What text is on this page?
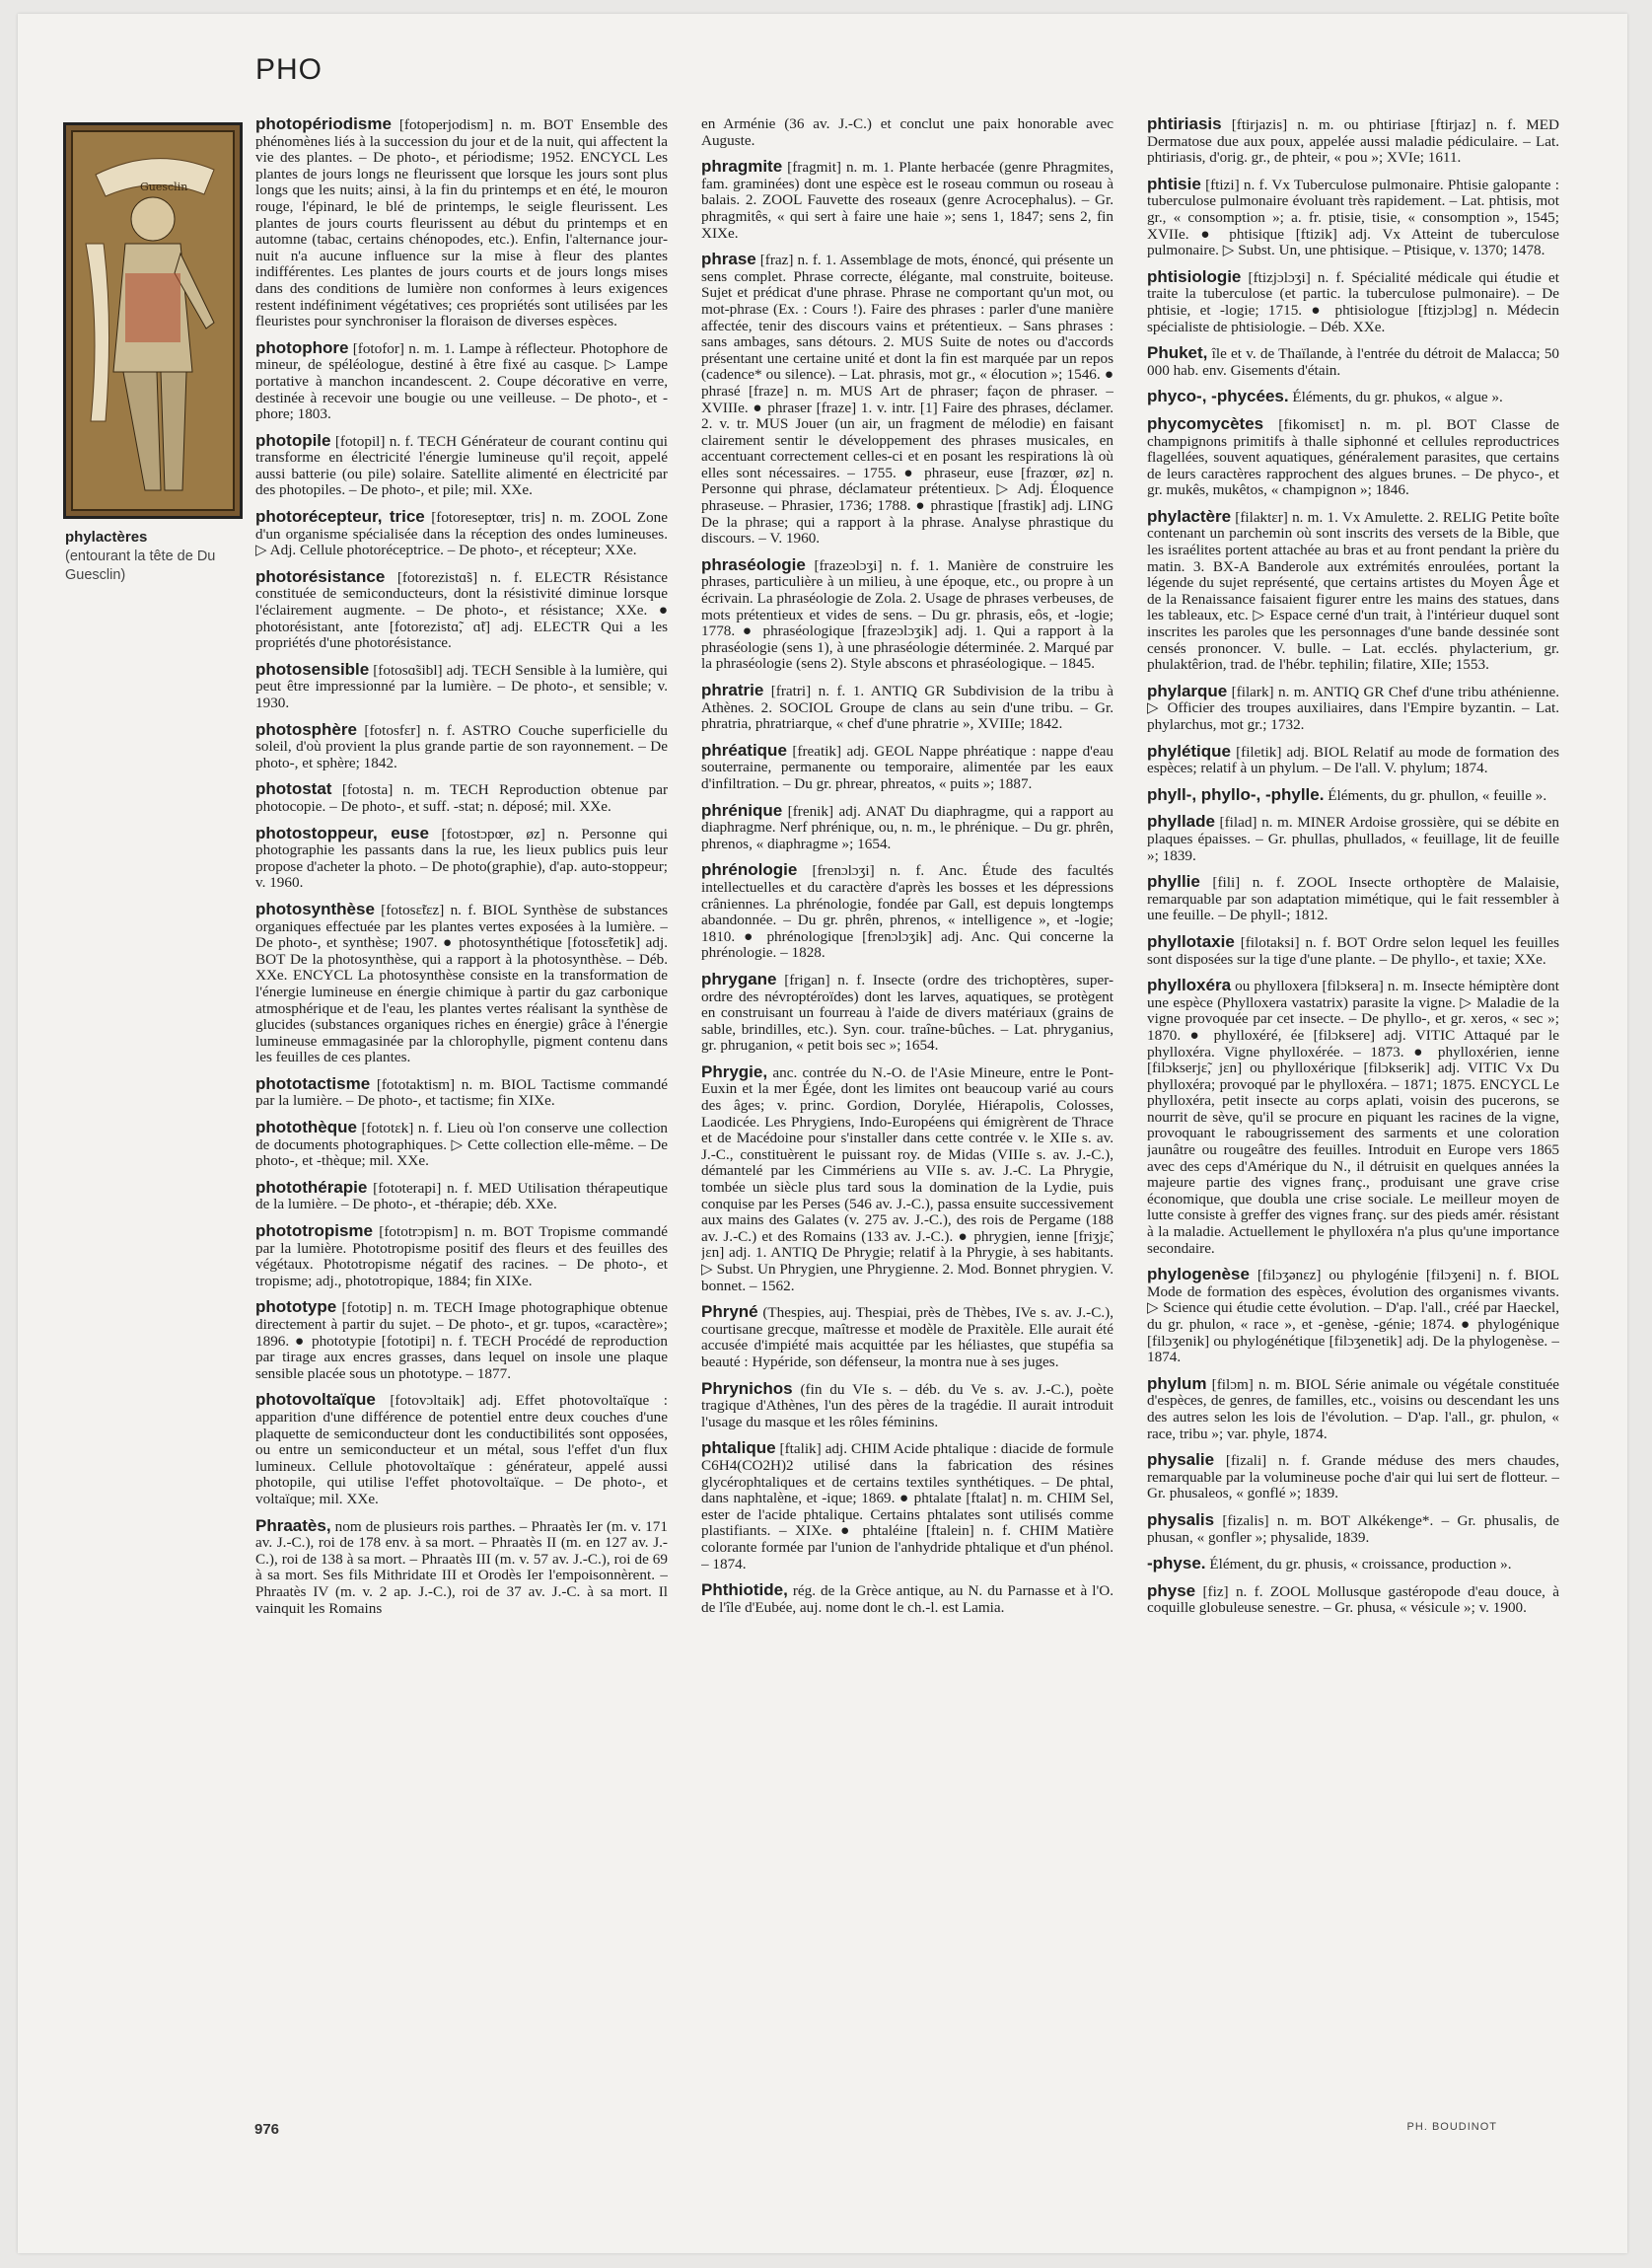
PHO
Guesclin
phylactères
(entourant la tête de Du Guesclin)
photopériodisme [fotoperjodism] n. m. BOT Ensemble des phénomènes liés à la succession du jour et de la nuit, qui affectent la vie des plantes. – De photo-, et périodisme; 1952. ENCYCL Les plantes de jours longs ne fleurissent que lorsque les jours sont plus longs que les nuits; ainsi, à la fin du printemps et en été, le mouron rouge, l'épinard, le blé de printemps, le seigle fleurissent. Les plantes de jours courts fleurissent au début du printemps et en automne (tabac, certains chénopodes, etc.). Enfin, l'alternance jour-nuit n'a aucune influence sur la mise à fleur des plantes indifférentes. Les plantes de jours courts et de jours longs mises dans des conditions de lumière non conformes à leurs exigences restent indéfiniment végétatives; ces propriétés sont utilisées par les fleuristes pour synchroniser la floraison de diverses espèces.
photophore [fotofor] n. m. 1. Lampe à réflecteur. Photophore de mineur, de spéléologue, destiné à être fixé au casque. ▷ Lampe portative à manchon incandescent. 2. Coupe décorative en verre, destinée à recevoir une bougie ou une veilleuse. – De photo-, et -phore; 1803.
photopile [fotopil] n. f. TECH Générateur de courant continu qui transforme en électricité l'énergie lumineuse qu'il reçoit, appelé aussi batterie (ou pile) solaire. Satellite alimenté en électricité par des photopiles. – De photo-, et pile; mil. XXe.
photorécepteur, trice [fotoreseptœr, tris] n. m. ZOOL Zone d'un organisme spécialisée dans la réception des ondes lumineuses. ▷ Adj. Cellule photoréceptrice. – De photo-, et récepteur; XXe.
photorésistance [fotorezistɑ̃s] n. f. ELECTR Résistance constituée de semiconducteurs, dont la résistivité diminue lorsque l'éclairement augmente. – De photo-, et résistance; XXe. ● photorésistant, ante [fotorezistɑ̃, ɑ̃t] adj. ELECTR Qui a les propriétés d'une photorésistance.
photosensible [fotosɑ̃sibl] adj. TECH Sensible à la lumière, qui peut être impressionné par la lumière. – De photo-, et sensible; v. 1930.
photosphère [fotosfɛr] n. f. ASTRO Couche superficielle du soleil, d'où provient la plus grande partie de son rayonnement. – De photo-, et sphère; 1842.
photostat [fotosta] n. m. TECH Reproduction obtenue par photocopie. – De photo-, et suff. -stat; n. déposé; mil. XXe.
photostoppeur, euse [fotostɔpœr, øz] n. Personne qui photographie les passants dans la rue, les lieux publics puis leur propose d'acheter la photo. – De photo(graphie), d'ap. auto-stoppeur; v. 1960.
photosynthèse [fotosɛ̃tɛz] n. f. BIOL Synthèse de substances organiques effectuée par les plantes vertes exposées à la lumière. – De photo-, et synthèse; 1907. ● photosynthétique [fotosɛ̃tetik] adj. BOT De la photosynthèse, qui a rapport à la photosynthèse. – Déb. XXe. ENCYCL La photosynthèse consiste en la transformation de l'énergie lumineuse en énergie chimique à partir du gaz carbonique atmosphérique et de l'eau, les plantes vertes réalisant la synthèse de glucides (substances organiques riches en énergie) grâce à l'énergie lumineuse emmagasinée par la chlorophylle, pigment contenu dans les feuilles de ces plantes.
phototactisme [fototaktism] n. m. BIOL Tactisme commandé par la lumière. – De photo-, et tactisme; fin XIXe.
photothèque [fototɛk] n. f. Lieu où l'on conserve une collection de documents photographiques. ▷ Cette collection elle-même. – De photo-, et -thèque; mil. XXe.
photothérapie [fototerapi] n. f. MED Utilisation thérapeutique de la lumière. – De photo-, et -thérapie; déb. XXe.
phototropisme [fototrɔpism] n. m. BOT Tropisme commandé par la lumière. Phototropisme positif des fleurs et des feuilles des végétaux. Phototropisme négatif des racines. – De photo-, et tropisme; adj., phototropique, 1884; fin XIXe.
phototype [fototip] n. m. TECH Image photographique obtenue directement à partir du sujet. – De photo-, et gr. tupos, «caractère»; 1896. ● phototypie [fototipi] n. f. TECH Procédé de reproduction par tirage aux encres grasses, dans lequel on insole une plaque sensible placée sous un phototype. – 1877.
photovoltaïque [fotovɔltaik] adj. Effet photovoltaïque : apparition d'une différence de potentiel entre deux couches d'une plaquette de semiconducteur dont les conductibilités sont opposées, ou entre un semiconducteur et un métal, sous l'effet d'un flux lumineux. Cellule photovoltaïque : générateur, appelé aussi photopile, qui utilise l'effet photovoltaïque. – De photo-, et voltaïque; mil. XXe.
Phraatès, nom de plusieurs rois parthes. – Phraatès Ier (m. v. 171 av. J.-C.), roi de 178 env. à sa mort. – Phraatès II (m. en 127 av. J.-C.), roi de 138 à sa mort. – Phraatès III (m. v. 57 av. J.-C.), roi de 69 à sa mort. Ses fils Mithridate III et Orodès Ier l'empoisonnèrent. – Phraatès IV (m. v. 2 ap. J.-C.), roi de 37 av. J.-C. à sa mort. Il vainquit les Romains
en Arménie (36 av. J.-C.) et conclut une paix honorable avec Auguste.
phragmite [fragmit] n. m. 1. Plante herbacée (genre Phragmites, fam. graminées) dont une espèce est le roseau commun ou roseau à balais. 2. ZOOL Fauvette des roseaux (genre Acrocephalus). – Gr. phragmitês, « qui sert à faire une haie »; sens 1, 1847; sens 2, fin XIXe.
phrase [fraz] n. f. 1. Assemblage de mots, énoncé, qui présente un sens complet. Phrase correcte, élégante, mal construite, boiteuse. Sujet et prédicat d'une phrase. Phrase ne comportant qu'un mot, ou mot-phrase (Ex. : Cours !). Faire des phrases : parler d'une manière affectée, tenir des discours vains et prétentieux. – Sans phrases : sans ambages, sans détours. 2. MUS Suite de notes ou d'accords présentant une certaine unité et dont la fin est marquée par un repos (cadence* ou silence). – Lat. phrasis, mot gr., « élocution »; 1546. ● phrasé [fraze] n. m. MUS Art de phraser; façon de phraser. – XVIIIe. ● phraser [fraze] 1. v. intr. [1] Faire des phrases, déclamer. 2. v. tr. MUS Jouer (un air, un fragment de mélodie) en faisant clairement sentir le développement des phrases musicales, en accentuant correctement celles-ci et en posant les respirations là où elles sont nécessaires. – 1755. ● phraseur, euse [frazœr, øz] n. Personne qui phrase, déclamateur prétentieux. ▷ Adj. Éloquence phraseuse. – Phrasier, 1736; 1788. ● phrastique [frastik] adj. LING De la phrase; qui a rapport à la phrase. Analyse phrastique du discours. – V. 1960.
phraséologie [frazeɔlɔʒi] n. f. 1. Manière de construire les phrases, particulière à un milieu, à une époque, etc., ou propre à un écrivain. La phraséologie de Zola. 2. Usage de phrases verbeuses, de mots prétentieux et vides de sens. – Du gr. phrasis, eôs, et -logie; 1778. ● phraséologique [frazeɔlɔʒik] adj. 1. Qui a rapport à la phraséologie (sens 1), à une phraséologie déterminée. 2. Marqué par la phraséologie (sens 2). Style abscons et phraséologique. – 1845.
phratrie [fratri] n. f. 1. ANTIQ GR Subdivision de la tribu à Athènes. 2. SOCIOL Groupe de clans au sein d'une tribu. – Gr. phratria, phratriarque, « chef d'une phratrie », XVIIIe; 1842.
phréatique [freatik] adj. GEOL Nappe phréatique : nappe d'eau souterraine, permanente ou temporaire, alimentée par les eaux d'infiltration. – Du gr. phrear, phreatos, « puits »; 1887.
phrénique [frenik] adj. ANAT Du diaphragme, qui a rapport au diaphragme. Nerf phrénique, ou, n. m., le phrénique. – Du gr. phrên, phrenos, « diaphragme »; 1654.
phrénologie [frenɔlɔʒi] n. f. Anc. Étude des facultés intellectuelles et du caractère d'après les bosses et les dépressions crâniennes. La phrénologie, fondée par Gall, est depuis longtemps abandonnée. – Du gr. phrên, phrenos, « intelligence », et -logie; 1810. ● phrénologique [frenɔlɔʒik] adj. Anc. Qui concerne la phrénologie. – 1828.
phrygane [frigan] n. f. Insecte (ordre des trichoptères, super-ordre des névroptéroïdes) dont les larves, aquatiques, se protègent en construisant un fourreau à l'aide de divers matériaux (grains de sable, brindilles, etc.). Syn. cour. traîne-bûches. – Lat. phryganius, gr. phruganion, « petit bois sec »; 1654.
Phrygie, anc. contrée du N.-O. de l'Asie Mineure, entre le Pont-Euxin et la mer Égée, dont les limites ont beaucoup varié au cours des âges; v. princ. Gordion, Dorylée, Hiérapolis, Colosses, Laodicée. Les Phrygiens, Indo-Européens qui émigrèrent de Thrace et de Macédoine pour s'installer dans cette contrée v. le XIIe s. av. J.-C., constituèrent le puissant roy. de Midas (VIIIe s. av. J.-C.), démantelé par les Cimmériens au VIIe s. av. J.-C. La Phrygie, tombée un siècle plus tard sous la domination de la Lydie, puis conquise par les Perses (546 av. J.-C.), passa ensuite successivement aux mains des Galates (v. 275 av. J.-C.), des rois de Pergame (188 av. J.-C.) et des Romains (133 av. J.-C.). ● phrygien, ienne [friʒjɛ̃, jɛn] adj. 1. ANTIQ De Phrygie; relatif à la Phrygie, à ses habitants. ▷ Subst. Un Phrygien, une Phrygienne. 2. Mod. Bonnet phrygien. V. bonnet. – 1562.
Phryné (Thespies, auj. Thespiai, près de Thèbes, IVe s. av. J.-C.), courtisane grecque, maîtresse et modèle de Praxitèle. Elle aurait été accusée d'impiété mais acquittée par les héliastes, que stupéfia sa beauté : Hypéride, son défenseur, la montra nue à ses juges.
Phrynichos (fin du VIe s. – déb. du Ve s. av. J.-C.), poète tragique d'Athènes, l'un des pères de la tragédie. Il aurait introduit l'usage du masque et les rôles féminins.
phtalique [ftalik] adj. CHIM Acide phtalique : diacide de formule C6H4(CO2H)2 utilisé dans la fabrication des résines glycérophtaliques et de certains textiles synthétiques. – De phtal, dans naphtalène, et -ique; 1869. ● phtalate [ftalat] n. m. CHIM Sel, ester de l'acide phtalique. Certains phtalates sont utilisés comme plastifiants. – XIXe. ● phtaléine [ftalein] n. f. CHIM Matière colorante formée par l'union de l'anhydride phtalique et d'un phénol. – 1874.
Phthiotide, rég. de la Grèce antique, au N. du Parnasse et à l'O. de l'île d'Eubée, auj. nome dont le ch.-l. est Lamia.
phtiriasis [ftirjazis] n. m. ou phtiriase [ftirjaz] n. f. MED Dermatose due aux poux, appelée aussi maladie pédiculaire. – Lat. phtiriasis, d'orig. gr., de phteir, « pou »; XVIe; 1611.
phtisie [ftizi] n. f. Vx Tuberculose pulmonaire. Phtisie galopante : tuberculose pulmonaire évoluant très rapidement. – Lat. phtisis, mot gr., « consomption »; a. fr. ptisie, tisie, « consomption », 1545; XVIIe. ● phtisique [ftizik] adj. Vx Atteint de tuberculose pulmonaire. ▷ Subst. Un, une phtisique. – Ptisique, v. 1370; 1478.
phtisiologie [ftizjɔlɔʒi] n. f. Spécialité médicale qui étudie et traite la tuberculose (et partic. la tuberculose pulmonaire). – De phtisie, et -logie; 1715. ● phtisiologue [ftizjɔlɔg] n. Médecin spécialiste de phtisiologie. – Déb. XXe.
Phuket, île et v. de Thaïlande, à l'entrée du détroit de Malacca; 50 000 hab. env. Gisements d'étain.
phyco-, -phycées. Éléments, du gr. phukos, « algue ».
phycomycètes [fikomisɛt] n. m. pl. BOT Classe de champignons primitifs à thalle siphonné et cellules reproductrices flagellées, souvent aquatiques, généralement parasites, que certains de leurs caractères rapprochent des algues brunes. – De phyco-, et gr. mukês, mukêtos, « champignon »; 1846.
phylactère [filaktɛr] n. m. 1. Vx Amulette. 2. RELIG Petite boîte contenant un parchemin où sont inscrits des versets de la Bible, que les israélites portent attachée au bras et au front pendant la prière du matin. 3. BX-A Banderole aux extrémités enroulées, portant la légende du sujet représenté, que certains artistes du Moyen Âge et de la Renaissance faisaient figurer entre les mains des statues, dans les tableaux, etc. ▷ Espace cerné d'un trait, à l'intérieur duquel sont inscrites les paroles que les personnages d'une bande dessinée sont censés prononcer. V. bulle. – Lat. ecclés. phylacterium, gr. phulaktêrion, trad. de l'hébr. tephilin; filatire, XIIe; 1553.
phylarque [filark] n. m. ANTIQ GR Chef d'une tribu athénienne. ▷ Officier des troupes auxiliaires, dans l'Empire byzantin. – Lat. phylarchus, mot gr.; 1732.
phylétique [filetik] adj. BIOL Relatif au mode de formation des espèces; relatif à un phylum. – De l'all. V. phylum; 1874.
phyll-, phyllo-, -phylle. Éléments, du gr. phullon, « feuille ».
phyllade [filad] n. m. MINER Ardoise grossière, qui se débite en plaques épaisses. – Gr. phullas, phullados, « feuillage, lit de feuille »; 1839.
phyllie [fili] n. f. ZOOL Insecte orthoptère de Malaisie, remarquable par son adaptation mimétique, qui le fait ressembler à une feuille. – De phyll-; 1812.
phyllotaxie [filotaksi] n. f. BOT Ordre selon lequel les feuilles sont disposées sur la tige d'une plante. – De phyllo-, et taxie; XXe.
phylloxéra ou phylloxera [filɔksera] n. m. Insecte hémiptère dont une espèce (Phylloxera vastatrix) parasite la vigne. ▷ Maladie de la vigne provoquée par cet insecte. – De phyllo-, et gr. xeros, « sec »; 1870. ● phylloxéré, ée [filɔksere] adj. VITIC Attaqué par le phylloxéra. Vigne phylloxérée. – 1873. ● phylloxérien, ienne [filɔkserjɛ̃, jɛn] ou phylloxérique [filɔkserik] adj. VITIC Vx Du phylloxéra; provoqué par le phylloxéra. – 1871; 1875. ENCYCL Le phylloxéra, petit insecte au corps aplati, voisin des pucerons, se nourrit de sève, qu'il se procure en piquant les racines de la vigne, provoquant le rabougrissement des sarments et une coloration jaunâtre ou rougeâtre des feuilles. Introduit en Europe vers 1865 avec des ceps d'Amérique du N., il détruisit en quelques années la majeure partie des vignes franç., produisant une grave crise économique, que doubla une crise sociale. Le meilleur moyen de lutte consiste à greffer des vignes franç. sur des pieds amér. résistant à la maladie. Actuellement le phylloxéra n'a plus qu'une importance secondaire.
phylogenèse [filɔʒənɛz] ou phylogénie [filɔʒeni] n. f. BIOL Mode de formation des espèces, évolution des organismes vivants. ▷ Science qui étudie cette évolution. – D'ap. l'all., créé par Haeckel, du gr. phulon, « race », et -genèse, -génie; 1874. ● phylogénique [filɔʒenik] ou phylogénétique [filɔʒenetik] adj. De la phylogenèse. – 1874.
phylum [filɔm] n. m. BIOL Série animale ou végétale constituée d'espèces, de genres, de familles, etc., voisins ou descendant les uns des autres selon les lois de l'évolution. – D'ap. l'all., gr. phulon, « race, tribu »; var. phyle, 1874.
physalie [fizali] n. f. Grande méduse des mers chaudes, remarquable par la volumineuse poche d'air qui lui sert de flotteur. – Gr. phusaleos, « gonflé »; 1839.
physalis [fizalis] n. m. BOT Alkékenge*. – Gr. phusalis, de phusan, « gonfler »; physalide, 1839.
-physe. Élément, du gr. phusis, « croissance, production ».
physe [fiz] n. f. ZOOL Mollusque gastéropode d'eau douce, à coquille globuleuse senestre. – Gr. phusa, « vésicule »; v. 1900.
976	PH. BOUDINOT
